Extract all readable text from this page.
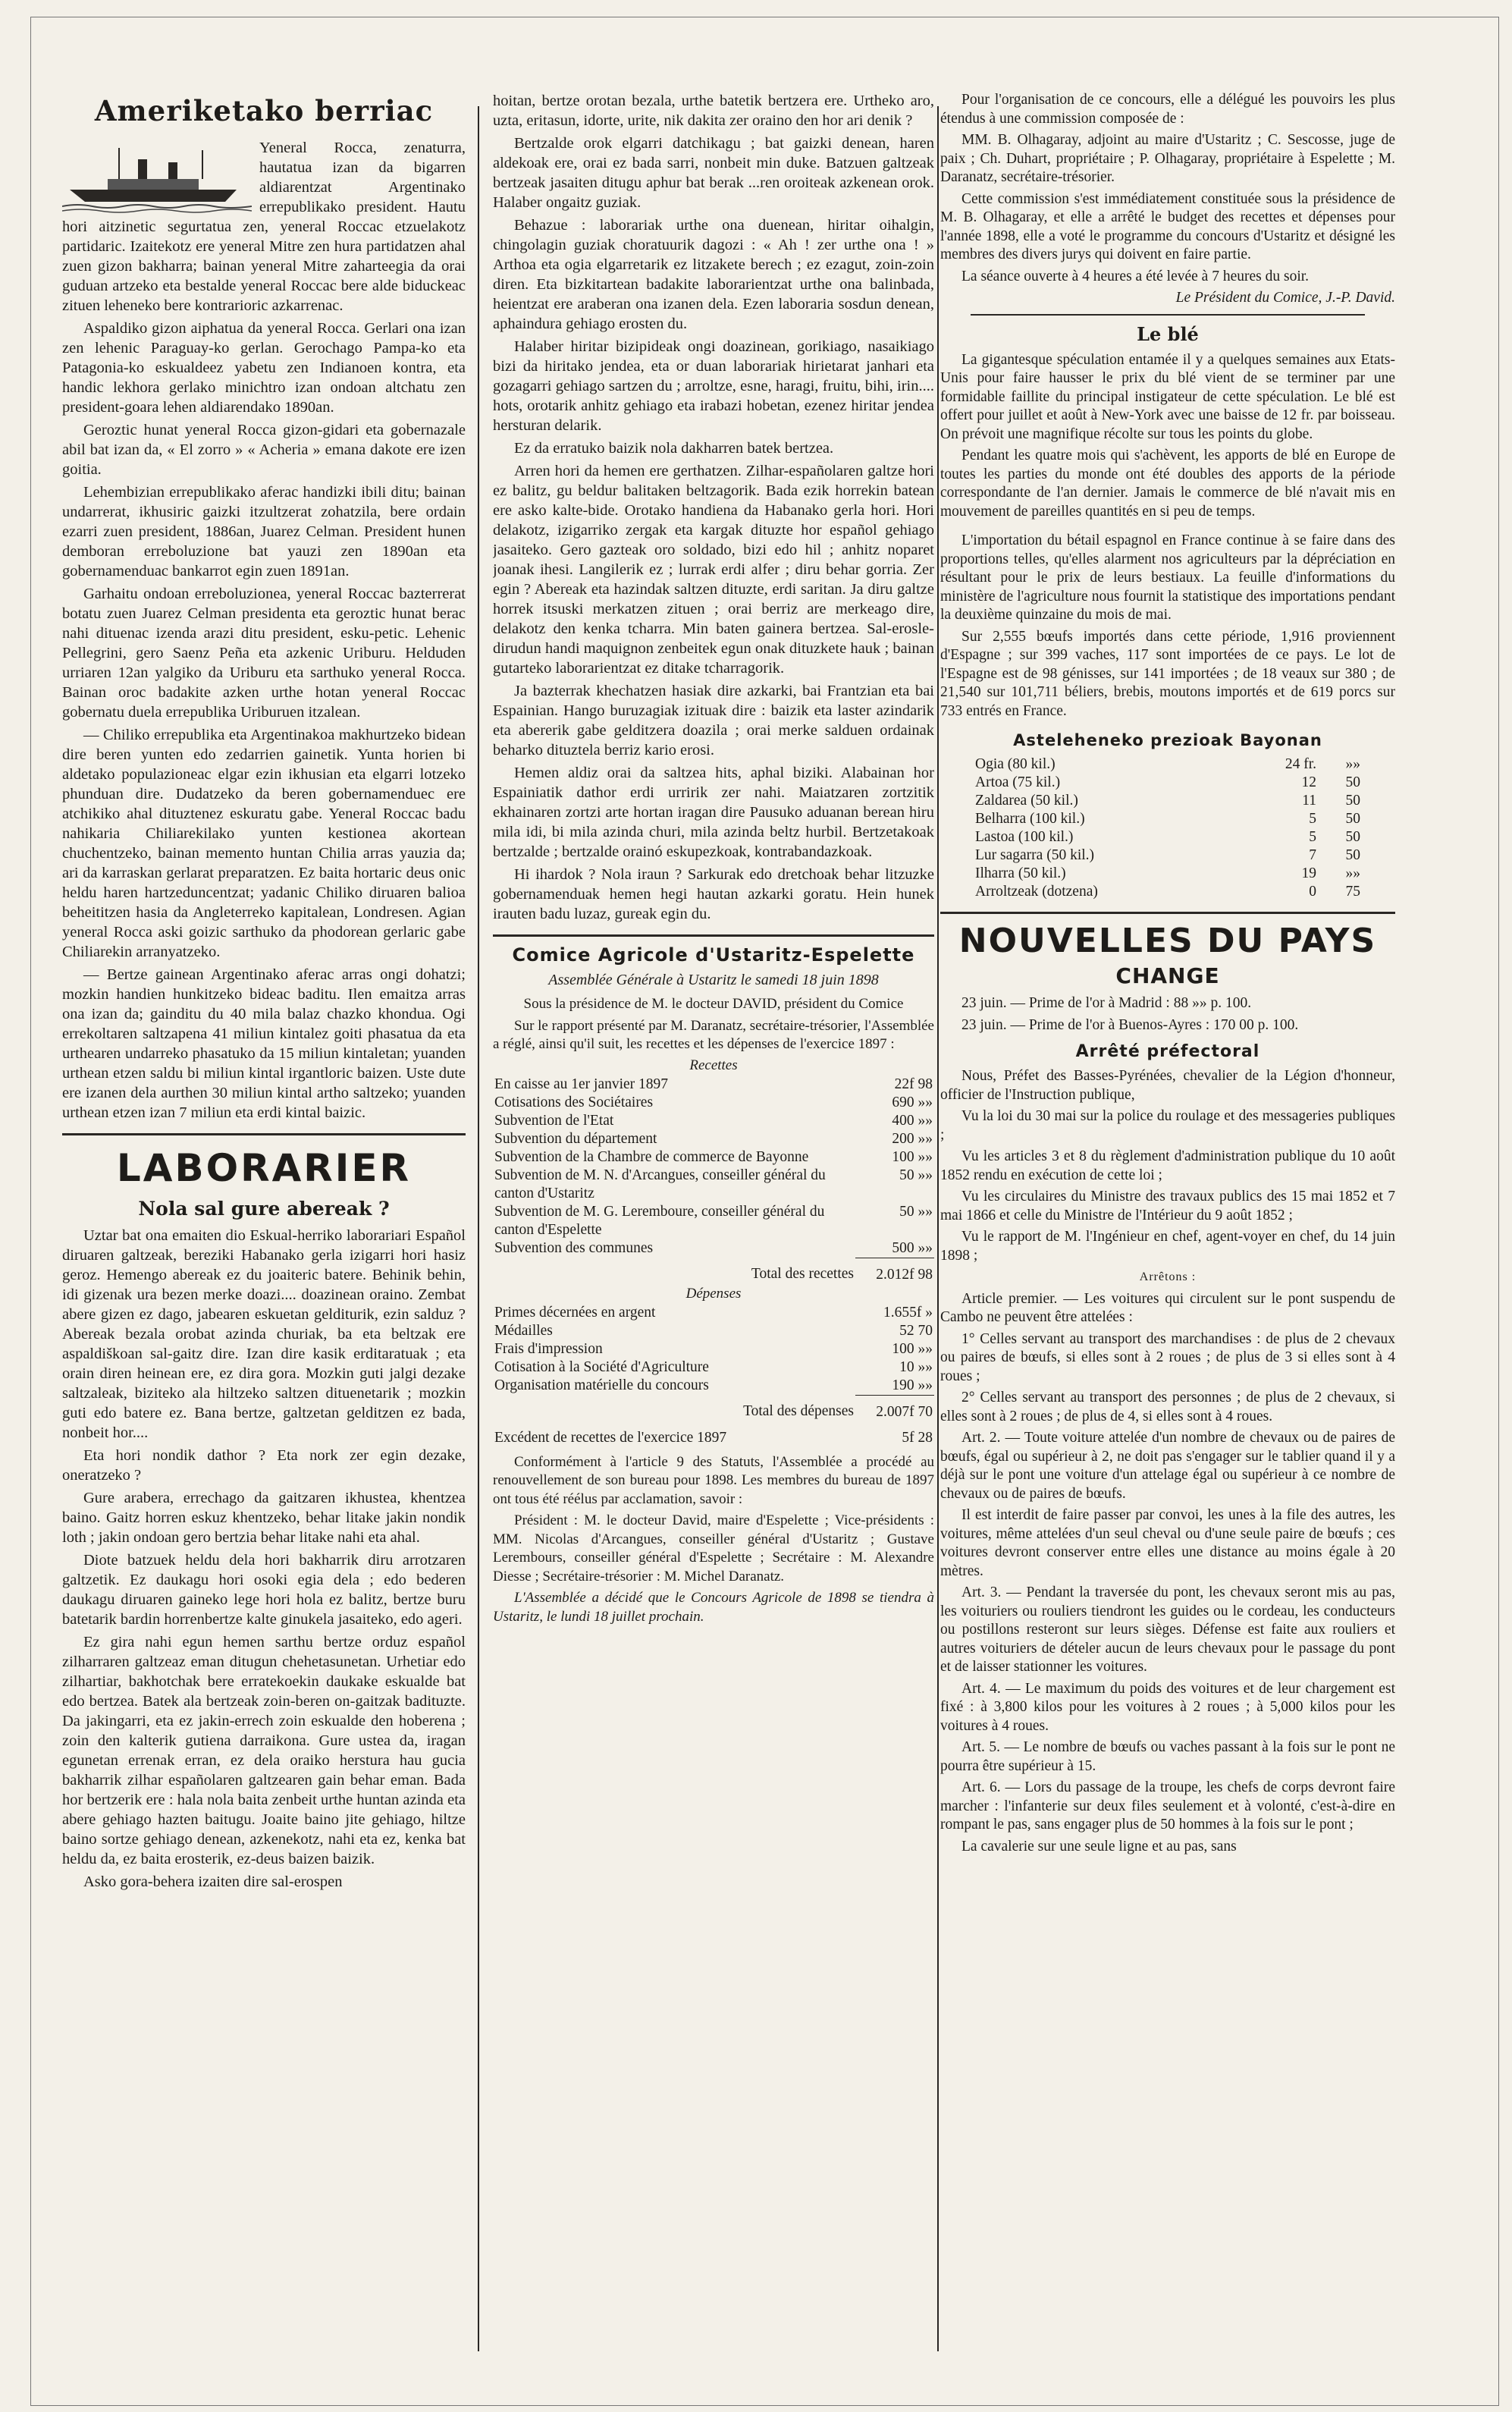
Ameriketako berriac

Yeneral Rocca, zenaturra, hautatua izan da bigarren aldiarentzat Argentinako errepublikako president. Hautu hori aitzinetic segurtatua zen, yeneral Roccac etzuelakotz partidaric. Izaitekotz ere yeneral Mitre zen hura partidatzen ahal zuen gizon bakharra; bainan yeneral Mitre zaharteegia da orai guduan artzeko eta bestalde yeneral Roccac bere alde biduckeac zituen leheneko bere kontrarioric azkarrenac.

Aspaldiko gizon aiphatua da yeneral Rocca. Gerlari ona izan zen lehenic Paraguay-ko gerlan. Gerochago Pampa-ko eta Patagonia-ko eskualdeez yabetu zen Indianoen kontra, eta handic lekhora gerlako minichtro izan ondoan altchatu zen president-goara lehen aldiarendako 1890an.

Geroztic hunat yeneral Rocca gizon-gidari eta gobernazale abil bat izan da, « El zorro » « Acheria » emana dakote ere izen goitia.

Lehembizian errepublikako aferac handizki ibili ditu; bainan undarrerat, ikhusiric gaizki itzultzerat zohatzila, bere ordain ezarri zuen president, 1886an, Juarez Celman. President hunen demboran erreboluzione bat yauzi zen 1890an eta gobernamenduac bankarrot egin zuen 1891an.

Garhaitu ondoan erreboluzionea, yeneral Roccac bazterrerat botatu zuen Juarez Celman presidenta eta geroztic hunat berac nahi dituenac izenda arazi ditu president, esku-petic. Lehenic Pellegrini, gero Saenz Peña eta azkenic Uriburu. Helduden urriaren 12an yalgiko da Uriburu eta sarthuko yeneral Rocca. Bainan oroc badakite azken urthe hotan yeneral Roccac gobernatu duela errepublika Uriburuen itzalean.

— Chiliko errepublika eta Argentinakoa makhurtzeko bidean dire beren yunten edo zedarrien gainetik. Yunta horien bi aldetako populazioneac elgar ezin ikhusian eta elgarri lotzeko phunduan dire. Dudatzeko da beren gobernamenduec ere atchikiko ahal dituztenez eskuratu gabe. Yeneral Roccac badu nahikaria Chiliarekilako yunten kestionea akortean chuchentzeko, bainan memento huntan Chilia arras yauzia da; ari da karraskan gerlarat preparatzen. Ez baita hortaric deus onic heldu haren hartzeduncentzat; yadanic Chiliko diruaren balioa beheititzen hasia da Angleterreko kapitalean, Londresen. Agian yeneral Rocca aski goizic sarthuko da phodorean gerlaric gabe Chiliarekin arranyatzeko.

— Bertze gainean Argentinako aferac arras ongi dohatzi; mozkin handien hunkitzeko bideac baditu. Ilen emaitza arras ona izan da; gainditu du 40 mila balaz chazko khondua. Ogi errekoltaren saltzapena 41 miliun kintalez goiti phasatua da eta urthearen undarreko phasatuko da 15 miliun kintaletan; yuanden urthean etzen saldu bi miliun kintal irgantloric baizen. Uste dute ere izanen dela aurthen 30 miliun kintal artho saltzeko; yuanden urthean etzen izan 7 miliun eta erdi kintal baizic.

LABORARIER
Nola sal gure abereak ?

Uztar bat ona emaiten dio Eskual-herriko laborariari Español diruaren galtzeak, bereziki Habanako gerla izigarri hori hasiz geroz. Hemengo abereak ez du joaiteric batere. Behinik behin, idi gizenak ura bezen merke doazi.... doazinean oraino. Zembat abere gizen ez dago, jabearen eskuetan gelditurik, ezin salduz ? Abereak bezala orobat azinda churiak, ba eta beltzak ere aspaldiškoan sal-gaitz dire. Izan dire kasik erditaratuak ; eta orain diren heinean ere, ez dira gora. Mozkin guti jalgi dezake saltzaleak, biziteko ala hiltzeko saltzen dituenetarik ; mozkin guti edo batere ez. Bana bertze, galtzetan gelditzen ez bada, nonbeit hor....

Eta hori nondik dathor ? Eta nork zer egin dezake, oneratzeko ?

Gure arabera, errechago da gaitzaren ikhustea, khentzea baino. Gaitz horren eskuz khentzeko, behar litake jakin nondik loth ; jakin ondoan gero bertzia behar litake nahi eta ahal.

Diote batzuek heldu dela hori bakharrik diru arrotzaren galtzetik. Ez daukagu hori osoki egia dela ; edo bederen daukagu diruaren gaineko lege hori hola ez balitz, bertze buru batetarik bardin horrenbertze kalte ginukela jasaiteko, edo ageri.

Ez gira nahi egun hemen sarthu bertze orduz español zilharraren galtzeaz eman ditugun chehetasunetan. Urhetiar edo zilhartiar, bakhotchak bere erratekoekin daukake eskualde bat edo bertzea. Batek ala bertzeak zoin-beren on-gaitzak badituzte. Da jakingarri, eta ez jakin-errech zoin eskualde den hoberena ; zoin den kalterik gutiena darraikona. Gure ustea da, iragan egunetan errenak erran, ez dela oraiko herstura hau gucia bakharrik zilhar españolaren galtzearen gain behar eman. Bada hor bertzerik ere : hala nola baita zenbeit urthe huntan azinda eta abere gehiago hazten baitugu. Joaite baino jite gehiago, hiltze baino sortze gehiago denean, azkenekotz, nahi eta ez, kenka bat heldu da, ez baita erosterik, ez-deus baizen baizik.

Asko gora-behera izaiten dire sal-erospen

hoitan, bertze orotan bezala, urthe batetik bertzera ere. Urtheko aro, uzta, eritasun, idorte, urite, nik dakita zer oraino den hor ari denik ?

Bertzalde orok elgarri datchikagu ; bat gaizki denean, haren aldekoak ere, orai ez bada sarri, nonbeit min duke. Batzuen galtzeak bertzeak jasaiten ditugu aphur bat berak ...ren oroiteak azkenean orok. Halaber ongaitz guziak.

Behazue : laborariak urthe ona duenean, hiritar oihalgin, chingolagin guziak choratuurik dagozi : « Ah ! zer urthe ona ! » Arthoa eta ogia elgarretarik ez litzakete berech ; ez ezagut, zoin-zoin diren. Eta bizkitartean badakite laborarientzat urthe ona balinbada, heientzat ere araberan ona izanen dela. Ezen laboraria sosdun denean, aphaindura gehiago erosten du.

Halaber hiritar bizipideak ongi doazinean, gorikiago, nasaikiago bizi da hiritako jendea, eta or duan laborariak hirietarat janhari eta gozagarri gehiago sartzen du ; arroltze, esne, haragi, fruitu, bihi, irin.... hots, orotarik anhitz gehiago eta irabazi hobetan, ezenez hiritar jendea hersturan delarik.

Ez da erratuko baizik nola dakharren batek bertzea.

Arren hori da hemen ere gerthatzen. Zilhar-españolaren galtze hori ez balitz, gu beldur balitaken beltzagorik. Bada ezik horrekin batean ere asko kalte-bide. Orotako handiena da Habanako gerla hori. Hori delakotz, izigarriko zergak eta kargak dituzte hor español gehiago jasaiteko. Gero gazteak oro soldado, bizi edo hil ; anhitz noparet joanak ihesi. Langilerik ez ; lurrak erdi alfer ; diru behar gorria. Zer egin ? Abereak eta hazindak saltzen dituzte, erdi saritan. Ja diru galtze horrek itsuski merkatzen zituen ; orai berriz are merkeago dire, delakotz den kenka tcharra. Min baten gainera bertzea. Sal-erosle-dirudun handi maquignon zenbeitek egun onak dituzkete hauk ; bainan gutarteko laborarientzat ez ditake tcharragorik.

Ja bazterrak khechatzen hasiak dire azkarki, bai Frantzian eta bai Espainian. Hango buruzagiak izituak dire : baizik eta laster azindarik eta abererik gabe gelditzera doazila ; orai merke salduen ordainak beharko dituztela berriz kario erosi.

Hemen aldiz orai da saltzea hits, aphal biziki. Alabainan hor Espainiatik dathor erdi urririk zer nahi. Maiatzaren zortzitik ekhainaren zortzi arte hortan iragan dire Pausuko aduanan berean hiru mila idi, bi mila azinda churi, mila azinda beltz hurbil. Bertzetakoak bertzalde ; bertzalde orainó eskupezkoak, kontrabandazkoak.

Hi ihardok ? Nola iraun ? Sarkurak edo dretchoak behar litzuzke gobernamenduak hemen hegi hautan azkarki goratu. Hein hunek irauten badu luzaz, gureak egin du.

Comice Agricole d'Ustaritz-Espelette
Assemblée Générale à Ustaritz le samedi 18 juin 1898

Sous la présidence de M. le docteur DAVID, président du Comice

Sur le rapport présenté par M. Daranatz, secrétaire-trésorier, l'Assemblée a réglé, ainsi qu'il suit, les recettes et les dépenses de l'exercice 1897 :

Recettes
En caisse au 1er janvier 1897	22f 98
Cotisations des Sociétaires	690 »»
Subvention de l'Etat	400 »»
Subvention du département	200 »»
Subvention de la Chambre de commerce de Bayonne	100 »»
Subvention de M. N. d'Arcangues, conseiller général du canton d'Ustaritz	50 »»
Subvention de M. G. Leremboure, conseiller général du canton d'Espelette	50 »»
Subvention des communes	500 »»
Total des recettes	2.012f 98
Dépenses
Primes décernées en argent	1.655f »
Médailles	52 70
Frais d'impression	100 »»
Cotisation à la Société d'Agriculture	10 »»
Organisation matérielle du concours	190 »»
Total des dépenses	2.007f 70
Excédent de recettes de l'exercice 1897	5f 28

Conformément à l'article 9 des Statuts, l'Assemblée a procédé au renouvellement de son bureau pour 1898. Les membres du bureau de 1897 ont tous été réélus par acclamation, savoir :

Président : M. le docteur David, maire d'Espelette ; Vice-présidents : MM. Nicolas d'Arcangues, conseiller général d'Ustaritz ; Gustave Lerembours, conseiller général d'Espelette ; Secrétaire : M. Alexandre Diesse ; Secrétaire-trésorier : M. Michel Daranatz.

L'Assemblée a décidé que le Concours Agricole de 1898 se tiendra à Ustaritz, le lundi 18 juillet prochain.

Pour l'organisation de ce concours, elle a délégué les pouvoirs les plus étendus à une commission composée de :

MM. B. Olhagaray, adjoint au maire d'Ustaritz ; C. Sescosse, juge de paix ; Ch. Duhart, propriétaire ; P. Olhagaray, propriétaire à Espelette ; M. Daranatz, secrétaire-trésorier.

Cette commission s'est immédiatement constituée sous la présidence de M. B. Olhagaray, et elle a arrêté le budget des recettes et dépenses pour l'année 1898, elle a voté le programme du concours d'Ustaritz et désigné les membres des divers jurys qui doivent en faire partie.

La séance ouverte à 4 heures a été levée à 7 heures du soir.

Le Président du Comice, J.-P. David.

Le blé

La gigantesque spéculation entamée il y a quelques semaines aux Etats-Unis pour faire hausser le prix du blé vient de se terminer par une formidable faillite du principal instigateur de cette spéculation. Le blé est offert pour juillet et août à New-York avec une baisse de 12 fr. par boisseau. On prévoit une magnifique récolte sur tous les points du globe.

Pendant les quatre mois qui s'achèvent, les apports de blé en Europe de toutes les parties du monde ont été doubles des apports de la période correspondante de l'an dernier. Jamais le commerce de blé n'avait mis en mouvement de pareilles quantités en si peu de temps.

L'importation du bétail espagnol en France continue à se faire dans des proportions telles, qu'elles alarment nos agriculteurs par la dépréciation en résultant pour le prix de leurs bestiaux. La feuille d'informations du ministère de l'agriculture nous fournit la statistique des importations pendant la deuxième quinzaine du mois de mai.

Sur 2,555 bœufs importés dans cette période, 1,916 proviennent d'Espagne ; sur 399 vaches, 117 sont importées de ce pays. Le lot de l'Espagne est de 98 génisses, sur 141 importées ; de 18 veaux sur 380 ; de 21,540 sur 101,711 béliers, brebis, moutons importés et de 619 porcs sur 733 entrés en France.

Asteleheneko prezioak Bayonan
Ogia (80 kil.)	24 fr.	»»
Artoa (75 kil.)	12	50
Zaldarea (50 kil.)	11	50
Belharra (100 kil.)	5	50
Lastoa (100 kil.)	5	50
Lur sagarra (50 kil.)	7	50
Ilharra (50 kil.)	19	»»
Arroltzeak (dotzena)	0	75
NOUVELLES DU PAYS
CHANGE

23 juin. — Prime de l'or à Madrid : 88 »» p. 100.

23 juin. — Prime de l'or à Buenos-Ayres : 170 00 p. 100.

Arrêté préfectoral

Nous, Préfet des Basses-Pyrénées, chevalier de la Légion d'honneur, officier de l'Instruction publique,

Vu la loi du 30 mai sur la police du roulage et des messageries publiques ;

Vu les articles 3 et 8 du règlement d'administration publique du 10 août 1852 rendu en exécution de cette loi ;

Vu les circulaires du Ministre des travaux publics des 15 mai 1852 et 7 mai 1866 et celle du Ministre de l'Intérieur du 9 août 1852 ;

Vu le rapport de M. l'Ingénieur en chef, agent-voyer en chef, du 14 juin 1898 ;

Arrêtons :

Article premier. — Les voitures qui circulent sur le pont suspendu de Cambo ne peuvent être attelées :

1° Celles servant au transport des marchandises : de plus de 2 chevaux ou paires de bœufs, si elles sont à 2 roues ; de plus de 3 si elles sont à 4 roues ;

2° Celles servant au transport des personnes ; de plus de 2 chevaux, si elles sont à 2 roues ; de plus de 4, si elles sont à 4 roues.

Art. 2. — Toute voiture attelée d'un nombre de chevaux ou de paires de bœufs, égal ou supérieur à 2, ne doit pas s'engager sur le tablier quand il y a déjà sur le pont une voiture d'un attelage égal ou supérieur à ce nombre de chevaux ou de paires de bœufs.

Il est interdit de faire passer par convoi, les unes à la file des autres, les voitures, même attelées d'un seul cheval ou d'une seule paire de bœufs ; ces voitures devront conserver entre elles une distance au moins égale à 20 mètres.

Art. 3. — Pendant la traversée du pont, les chevaux seront mis au pas, les voituriers ou rouliers tiendront les guides ou le cordeau, les conducteurs ou postillons resteront sur leurs sièges. Défense est faite aux rouliers et autres voituriers de dételer aucun de leurs chevaux pour le passage du pont et de laisser stationner les voitures.

Art. 4. — Le maximum du poids des voitures et de leur chargement est fixé : à 3,800 kilos pour les voitures à 2 roues ; à 5,000 kilos pour les voitures à 4 roues.

Art. 5. — Le nombre de bœufs ou vaches passant à la fois sur le pont ne pourra être supérieur à 15.

Art. 6. — Lors du passage de la troupe, les chefs de corps devront faire marcher : l'infanterie sur deux files seulement et à volonté, c'est-à-dire en rompant le pas, sans engager plus de 50 hommes à la fois sur le pont ;

La cavalerie sur une seule ligne et au pas, sans
